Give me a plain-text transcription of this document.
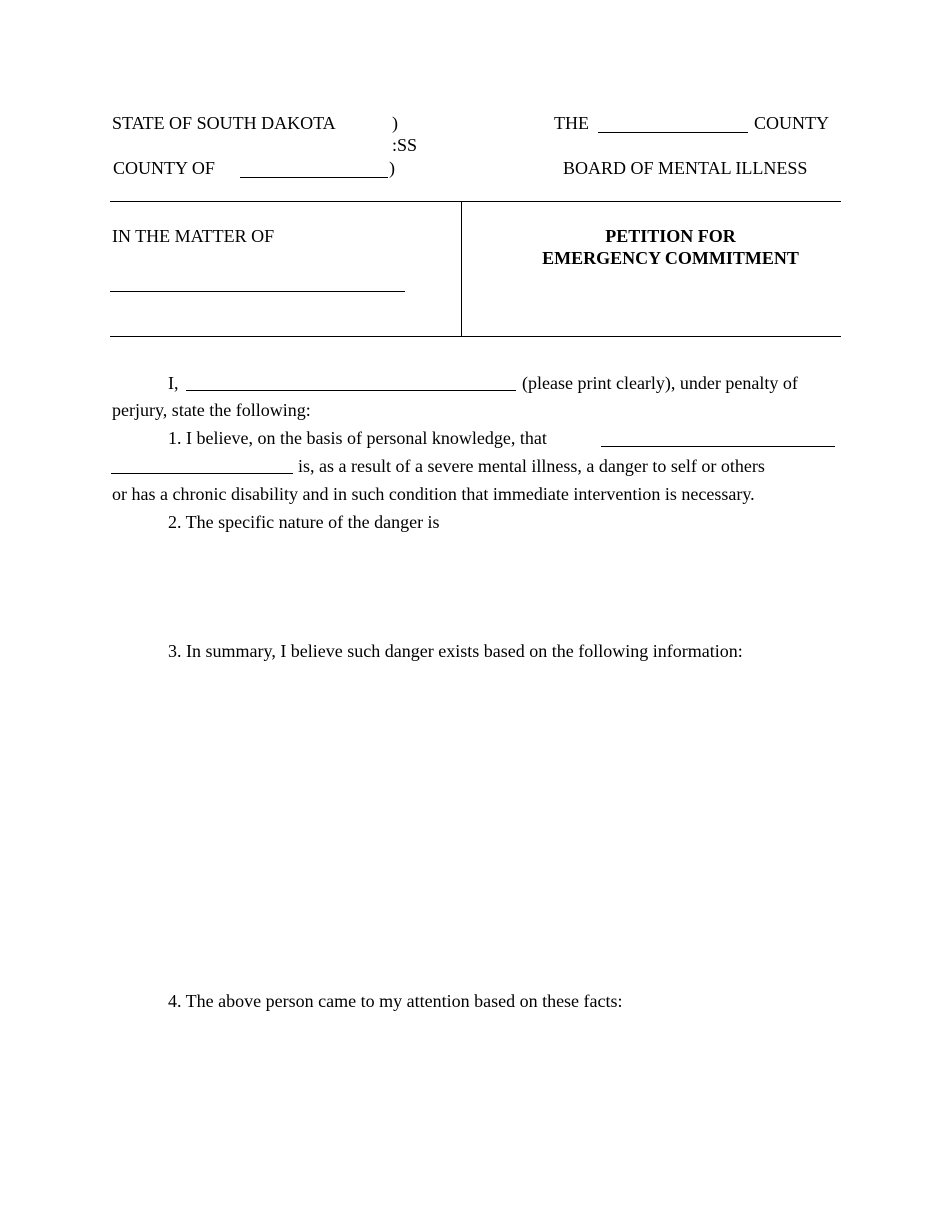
STATE OF SOUTH DAKOTA	)
:SS
COUNTY OF	)
THE	COUNTY
BOARD OF MENTAL ILLNESS
IN THE MATTER OF	PETITION FOR
EMERGENCY COMMITMENT
I,	(please print clearly), under penalty of
perjury, state the following:
1. I believe, on the basis of personal knowledge, that
is, as a result of a severe mental illness, a danger to self or others
or has a chronic disability and in such condition that immediate intervention is necessary.
2. The specific nature of the danger is
3. In summary, I believe such danger exists based on the following information:
4. The above person came to my attention based on these facts:
